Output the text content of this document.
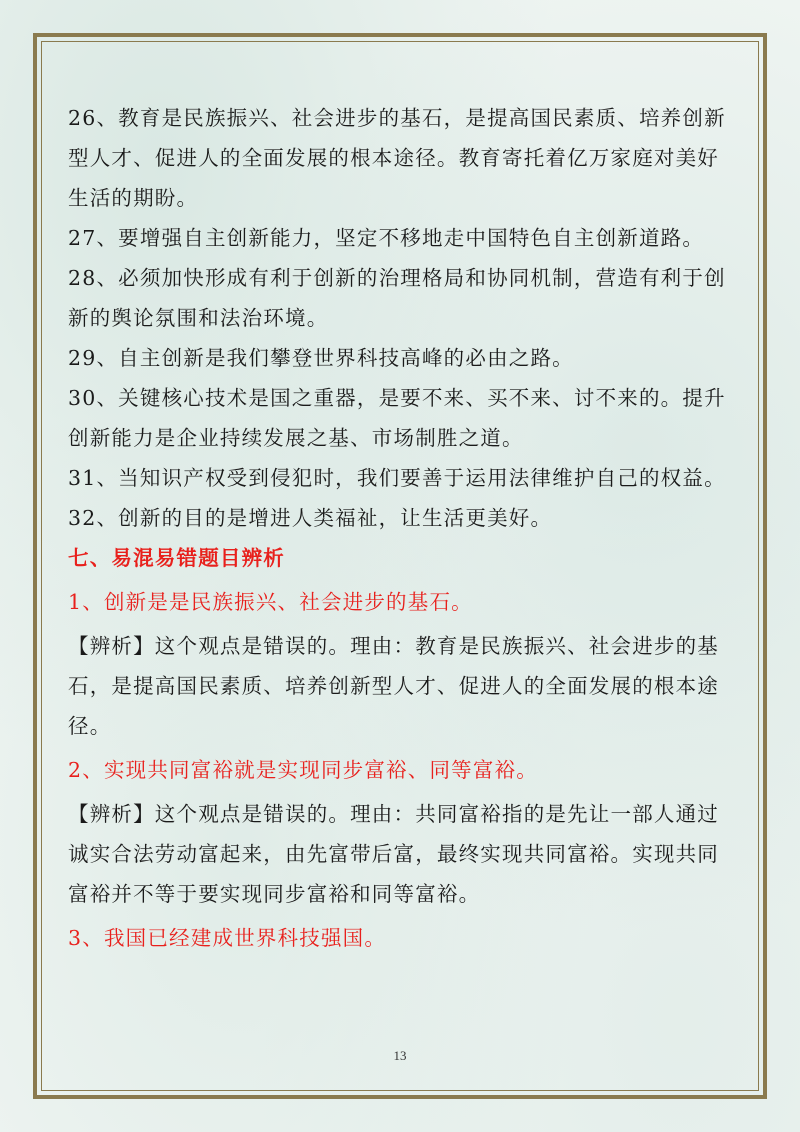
26、教育是民族振兴、社会进步的基石，是提高国民素质、培养创新
型人才、促进人的全面发展的根本途径。教育寄托着亿万家庭对美好
生活的期盼。
27、要增强自主创新能力，坚定不移地走中国特色自主创新道路。
28、必须加快形成有利于创新的治理格局和协同机制，营造有利于创
新的舆论氛围和法治环境。
29、自主创新是我们攀登世界科技高峰的必由之路。
30、关键核心技术是国之重器，是要不来、买不来、讨不来的。提升
创新能力是企业持续发展之基、市场制胜之道。
31、当知识产权受到侵犯时，我们要善于运用法律维护自己的权益。
32、创新的目的是增进人类福祉，让生活更美好。
七、易混易错题目辨析
1、创新是是民族振兴、社会进步的基石。
【辨析】这个观点是错误的。理由：教育是民族振兴、社会进步的基
石，是提高国民素质、培养创新型人才、促进人的全面发展的根本途
径。
2、实现共同富裕就是实现同步富裕、同等富裕。
【辨析】这个观点是错误的。理由：共同富裕指的是先让一部人通过
诚实合法劳动富起来，由先富带后富，最终实现共同富裕。实现共同
富裕并不等于要实现同步富裕和同等富裕。
3、我国已经建成世界科技强国。
13
